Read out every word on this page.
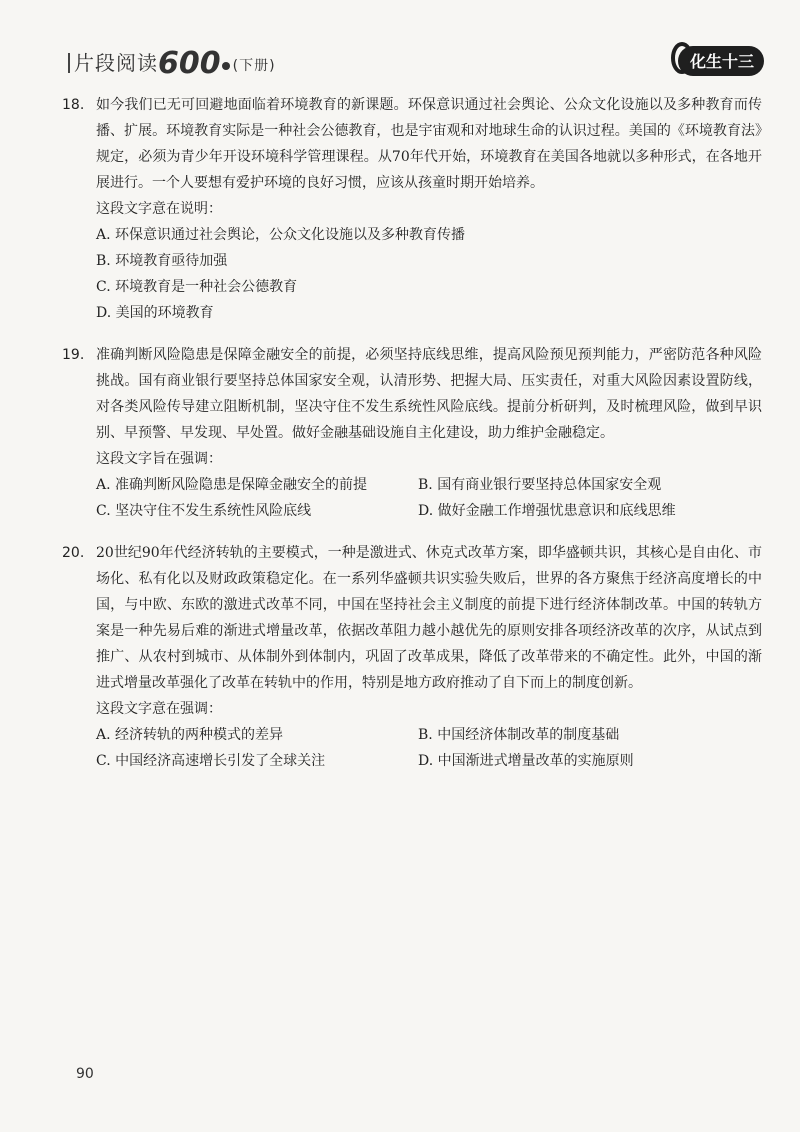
片段阅读600 (下册)	化生十三
18. 如今我们已无可回避地面临着环境教育的新课题。环保意识通过社会舆论、公众文化设施以及多种教育而传播、扩展。环境教育实际是一种社会公德教育，也是宇宙观和对地球生命的认识过程。美国的《环境教育法》规定，必须为青少年开设环境科学管理课程。从70年代开始，环境教育在美国各地就以多种形式，在各地开展进行。一个人要想有爱护环境的良好习惯，应该从孩童时期开始培养。
这段文字意在说明：
A. 环保意识通过社会舆论，公众文化设施以及多种教育传播
B. 环境教育亟待加强
C. 环境教育是一种社会公德教育
D. 美国的环境教育
19. 准确判断风险隐患是保障金融安全的前提，必须坚持底线思维，提高风险预见预判能力，严密防范各种风险挑战。国有商业银行要坚持总体国家安全观，认清形势、把握大局、压实责任，对重大风险因素设置防线，对各类风险传导建立阻断机制，坚决守住不发生系统性风险底线。提前分析研判，及时梳理风险，做到早识别、早预警、早发现、早处置。做好金融基础设施自主化建设，助力维护金融稳定。
这段文字旨在强调：
A. 准确判断风险隐患是保障金融安全的前提	B. 国有商业银行要坚持总体国家安全观
C. 坚决守住不发生系统性风险底线	D. 做好金融工作增强忧患意识和底线思维
20. 20世纪90年代经济转轨的主要模式，一种是激进式、休克式改革方案，即华盛顿共识，其核心是自由化、市场化、私有化以及财政政策稳定化。在一系列华盛顿共识实验失败后，世界的各方聚焦于经济高度增长的中国，与中欧、东欧的激进式改革不同，中国在坚持社会主义制度的前提下进行经济体制改革。中国的转轨方案是一种先易后难的渐进式增量改革，依据改革阻力越小越优先的原则安排各项经济改革的次序，从试点到推广、从农村到城市、从体制外到体制内，巩固了改革成果，降低了改革带来的不确定性。此外，中国的渐进式增量改革强化了改革在转轨中的作用，特别是地方政府推动了自下而上的制度创新。
这段文字意在强调：
A. 经济转轨的两种模式的差异	B. 中国经济体制改革的制度基础
C. 中国经济高速增长引发了全球关注	D. 中国渐进式增量改革的实施原则
90
